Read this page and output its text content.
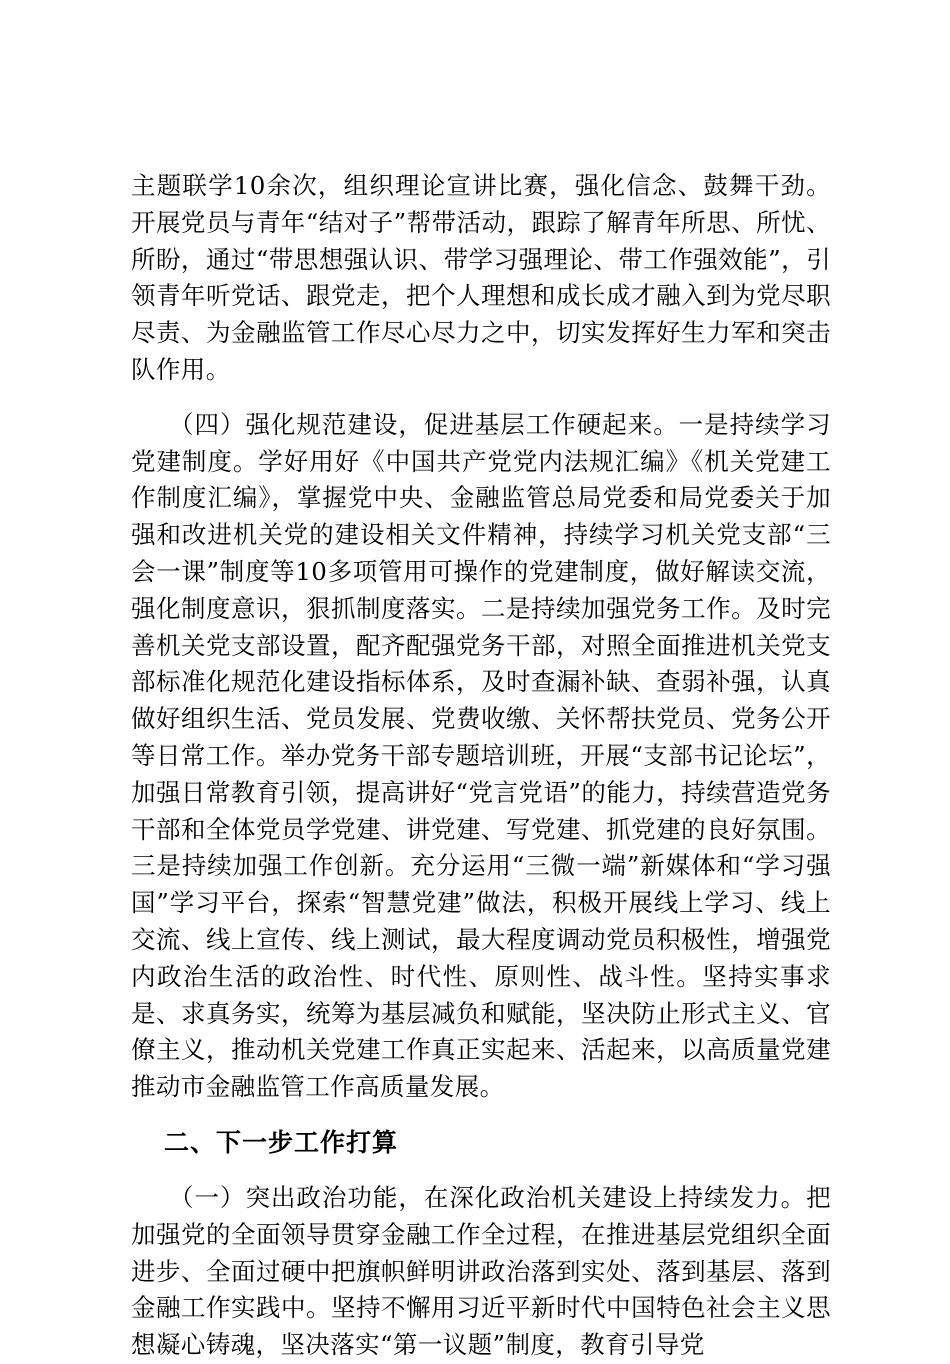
主题联学10余次，组织理论宣讲比赛，强化信念、鼓舞干劲。开展党员与青年“结对子”帮带活动，跟踪了解青年所思、所忧、所盼，通过“带思想强认识、带学习强理论、带工作强效能”，引领青年听党话、跟党走，把个人理想和成长成才融入到为党尽职尽责、为金融监管工作尽心尽力之中，切实发挥好生力军和突击队作用。

（四）强化规范建设，促进基层工作硬起来。一是持续学习党建制度。学好用好《中国共产党党内法规汇编》《机关党建工作制度汇编》，掌握党中央、金融监管总局党委和局党委关于加强和改进机关党的建设相关文件精神，持续学习机关党支部“三会一课”制度等10多项管用可操作的党建制度，做好解读交流，强化制度意识，狠抓制度落实。二是持续加强党务工作。及时完善机关党支部设置，配齐配强党务干部，对照全面推进机关党支部标准化规范化建设指标体系，及时查漏补缺、查弱补强，认真做好组织生活、党员发展、党费收缴、关怀帮扶党员、党务公开等日常工作。举办党务干部专题培训班，开展“支部书记论坛”，加强日常教育引领，提高讲好“党言党语”的能力，持续营造党务干部和全体党员学党建、讲党建、写党建、抓党建的良好氛围。三是持续加强工作创新。充分运用“三微一端”新媒体和“学习强国”学习平台，探索“智慧党建”做法，积极开展线上学习、线上交流、线上宣传、线上测试，最大程度调动党员积极性，增强党内政治生活的政治性、时代性、原则性、战斗性。坚持实事求是、求真务实，统筹为基层减负和赋能，坚决防止形式主义、官僚主义，推动机关党建工作真正实起来、活起来，以高质量党建推动市金融监管工作高质量发展。

二、下一步工作打算

（一）突出政治功能，在深化政治机关建设上持续发力。把加强党的全面领导贯穿金融工作全过程，在推进基层党组织全面进步、全面过硬中把旗帜鲜明讲政治落到实处、落到基层、落到金融工作实践中。坚持不懈用习近平新时代中国特色社会主义思想凝心铸魂，坚决落实“第一议题”制度，教育引导党
